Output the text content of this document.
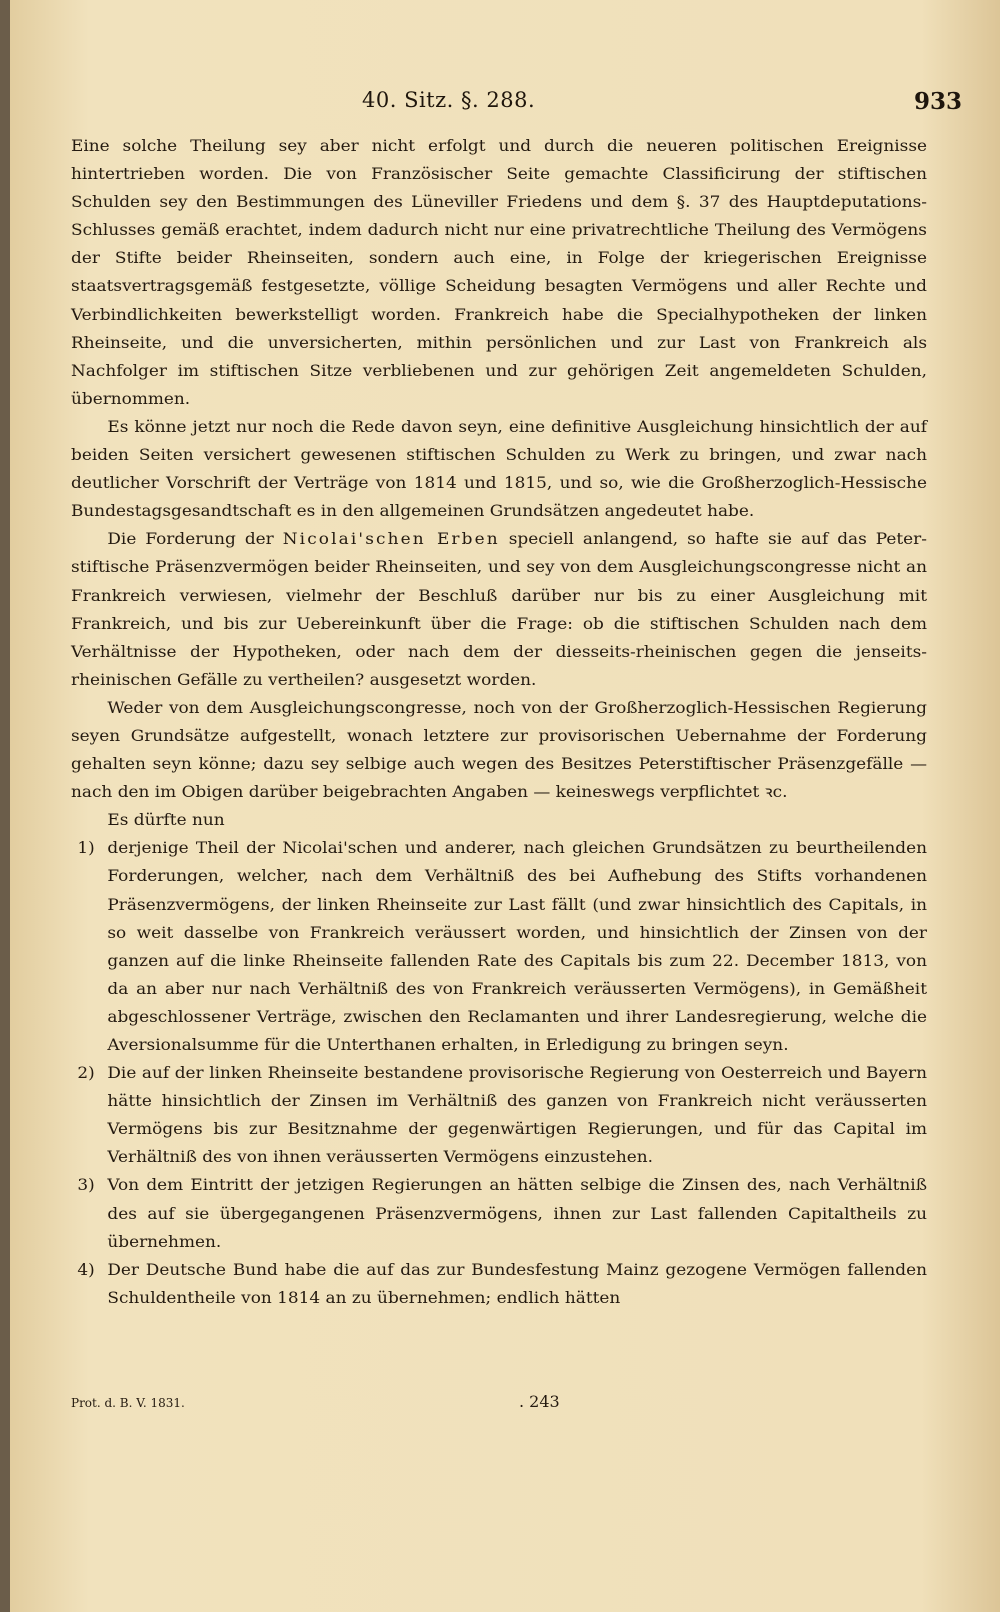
40. Sitz. §. 288.	933

Eine solche Theilung sey aber nicht erfolgt und durch die neueren politischen Ereignisse hintertrieben worden. Die von Französischer Seite gemachte Classificirung der stiftischen Schulden sey den Bestimmungen des Lüneviller Friedens und dem §. 37 des Hauptdeputations-Schlusses gemäß erachtet, indem dadurch nicht nur eine privatrechtliche Theilung des Vermögens der Stifte beider Rheinseiten, sondern auch eine, in Folge der kriegerischen Ereignisse staatsvertragsgemäß festgesetzte, völlige Scheidung besagten Vermögens und aller Rechte und Verbindlichkeiten bewerkstelligt worden. Frankreich habe die Specialhypotheken der linken Rheinseite, und die unversicherten, mithin persönlichen und zur Last von Frankreich als Nachfolger im stiftischen Sitze verbliebenen und zur gehörigen Zeit angemeldeten Schulden, übernommen.

Es könne jetzt nur noch die Rede davon seyn, eine definitive Ausgleichung hinsichtlich der auf beiden Seiten versichert gewesenen stiftischen Schulden zu Werk zu bringen, und zwar nach deutlicher Vorschrift der Verträge von 1814 und 1815, und so, wie die Großherzoglich-Hessische Bundestagsgesandtschaft es in den allgemeinen Grundsätzen angedeutet habe.

Die Forderung der Nicolai'schen Erben speciell anlangend, so hafte sie auf das Peter-stiftische Präsenzvermögen beider Rheinseiten, und sey von dem Ausgleichungscongresse nicht an Frankreich verwiesen, vielmehr der Beschluß darüber nur bis zu einer Ausgleichung mit Frankreich, und bis zur Uebereinkunft über die Frage: ob die stiftischen Schulden nach dem Verhältnisse der Hypotheken, oder nach dem der diesseits-rheinischen gegen die jenseits-rheinischen Gefälle zu vertheilen? ausgesetzt worden.

Weder von dem Ausgleichungscongresse, noch von der Großherzoglich-Hessischen Regierung seyen Grundsätze aufgestellt, wonach letztere zur provisorischen Uebernahme der Forderung gehalten seyn könne; dazu sey selbige auch wegen des Besitzes Peterstiftischer Präsenzgefälle — nach den im Obigen darüber beigebrachten Angaben — keineswegs verpflichtet ꝛc.

Es dürfte nun

1) derjenige Theil der Nicolai'schen und anderer, nach gleichen Grundsätzen zu beurtheilenden Forderungen, welcher, nach dem Verhältniß des bei Aufhebung des Stifts vorhandenen Präsenzvermögens, der linken Rheinseite zur Last fällt (und zwar hinsichtlich des Capitals, in so weit dasselbe von Frankreich veräussert worden, und hinsichtlich der Zinsen von der ganzen auf die linke Rheinseite fallenden Rate des Capitals bis zum 22. December 1813, von da an aber nur nach Verhältniß des von Frankreich veräusserten Vermögens), in Gemäßheit abgeschlossener Verträge, zwischen den Reclamanten und ihrer Landesregierung, welche die Aversionalsumme für die Unterthanen erhalten, in Erledigung zu bringen seyn.

2) Die auf der linken Rheinseite bestandene provisorische Regierung von Oesterreich und Bayern hätte hinsichtlich der Zinsen im Verhältniß des ganzen von Frankreich nicht veräusserten Vermögens bis zur Besitznahme der gegenwärtigen Regierungen, und für das Capital im Verhältniß des von ihnen veräusserten Vermögens einzustehen.

3) Von dem Eintritt der jetzigen Regierungen an hätten selbige die Zinsen des, nach Verhältniß des auf sie übergegangenen Präsenzvermögens, ihnen zur Last fallenden Capitaltheils zu übernehmen.

4) Der Deutsche Bund habe die auf das zur Bundesfestung Mainz gezogene Vermögen fallenden Schuldentheile von 1814 an zu übernehmen; endlich hätten

Prot. d. B. V. 1831.	. 243
